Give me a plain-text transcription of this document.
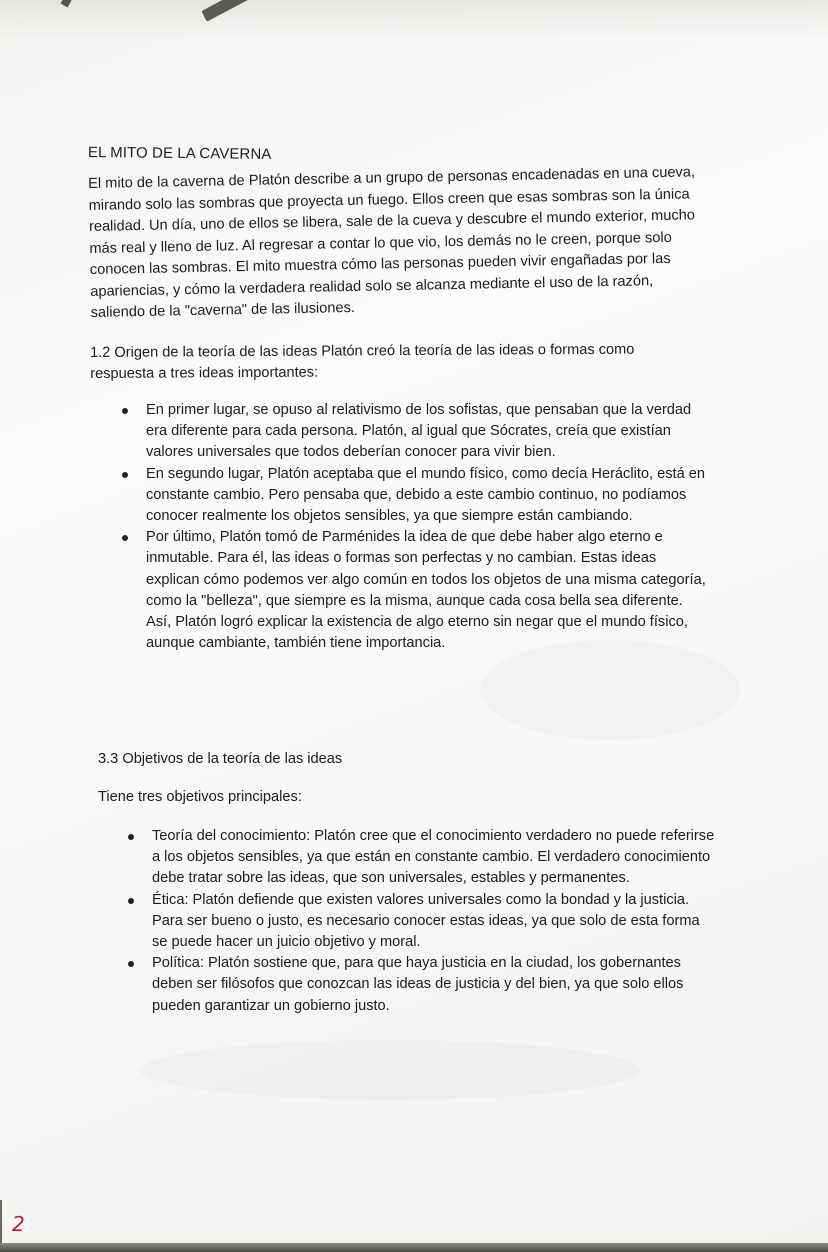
EL MITO DE LA CAVERNA

El mito de la caverna de Platón describe a un grupo de personas encadenadas en una cueva, mirando solo las sombras que proyecta un fuego. Ellos creen que esas sombras son la única realidad. Un día, uno de ellos se libera, sale de la cueva y descubre el mundo exterior, mucho más real y lleno de luz. Al regresar a contar lo que vio, los demás no le creen, porque solo conocen las sombras. El mito muestra cómo las personas pueden vivir engañadas por las apariencias, y cómo la verdadera realidad solo se alcanza mediante el uso de la razón, saliendo de la "caverna" de las ilusiones.

1.2 Origen de la teoría de las ideas Platón creó la teoría de las ideas o formas como respuesta a tres ideas importantes:

En primer lugar, se opuso al relativismo de los sofistas, que pensaban que la verdad era diferente para cada persona. Platón, al igual que Sócrates, creía que existían valores universales que todos deberían conocer para vivir bien.
En segundo lugar, Platón aceptaba que el mundo físico, como decía Heráclito, está en constante cambio. Pero pensaba que, debido a este cambio continuo, no podíamos conocer realmente los objetos sensibles, ya que siempre están cambiando.
Por último, Platón tomó de Parménides la idea de que debe haber algo eterno e inmutable. Para él, las ideas o formas son perfectas y no cambian. Estas ideas explican cómo podemos ver algo común en todos los objetos de una misma categoría, como la "belleza", que siempre es la misma, aunque cada cosa bella sea diferente. Así, Platón logró explicar la existencia de algo eterno sin negar que el mundo físico, aunque cambiante, también tiene importancia.

3.3 Objetivos de la teoría de las ideas

Tiene tres objetivos principales:

Teoría del conocimiento: Platón cree que el conocimiento verdadero no puede referirse a los objetos sensibles, ya que están en constante cambio. El verdadero conocimiento debe tratar sobre las ideas, que son universales, estables y permanentes.
Ética: Platón defiende que existen valores universales como la bondad y la justicia. Para ser bueno o justo, es necesario conocer estas ideas, ya que solo de esta forma se puede hacer un juicio objetivo y moral.
Política: Platón sostiene que, para que haya justicia en la ciudad, los gobernantes deben ser filósofos que conozcan las ideas de justicia y del bien, ya que solo ellos pueden garantizar un gobierno justo.
2
